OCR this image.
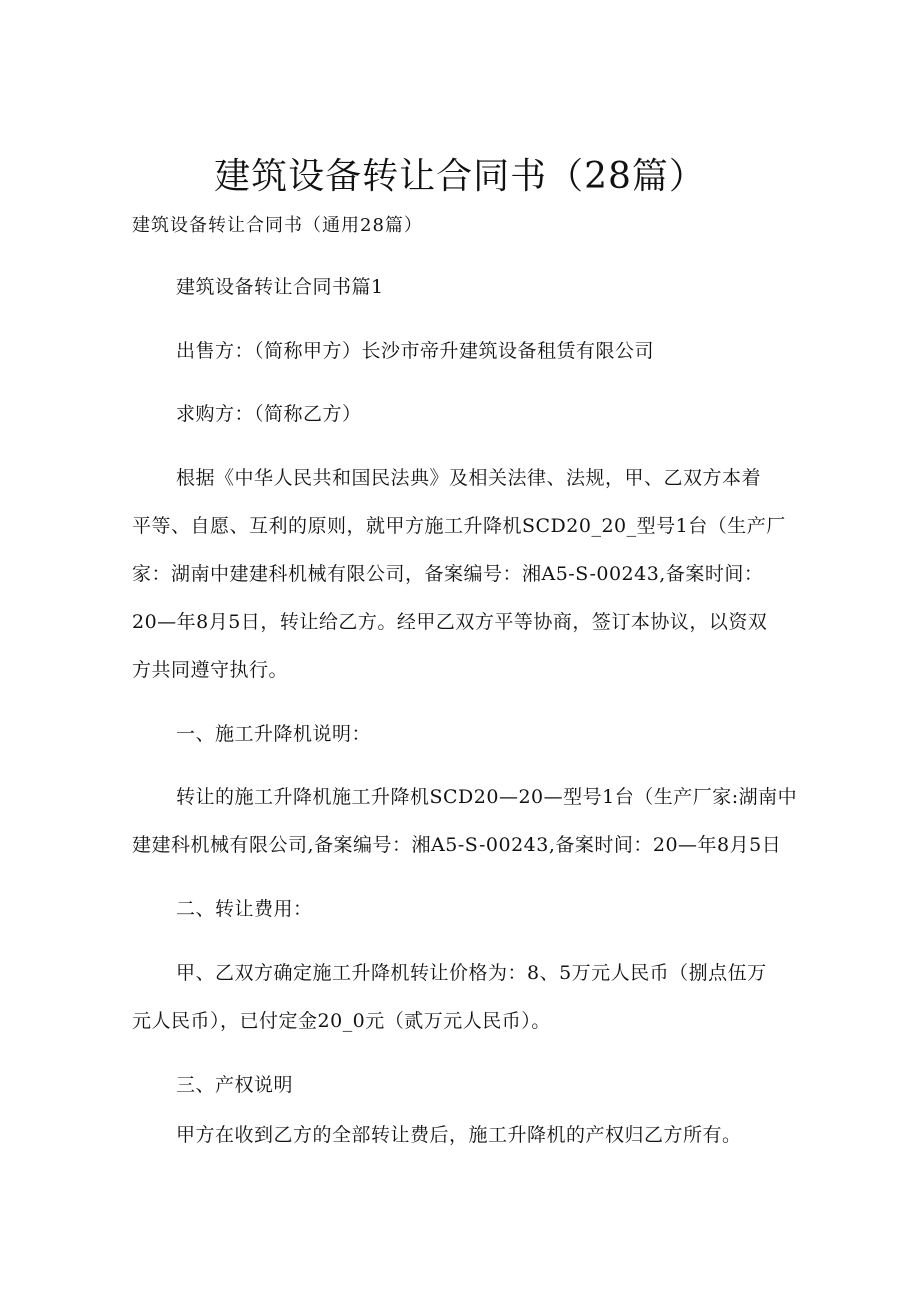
建筑设备转让合同书（28篇）
建筑设备转让合同书（通用28篇）
建筑设备转让合同书篇1
出售方：（简称甲方）长沙市帝升建筑设备租赁有限公司
求购方：（简称乙方）
根据《中华人民共和国民法典》及相关法律、法规，甲、乙双方本着
平等、自愿、互利的原则，就甲方施工升降机SCD20_20_型号1台（生产厂
家：湖南中建建科机械有限公司，备案编号：湘A5-S-00243,备案时间：
20—年8月5日，转让给乙方。经甲乙双方平等协商，签订本协议，以资双
方共同遵守执行。
一、施工升降机说明：
转让的施工升降机施工升降机SCD20—20—型号1台（生产厂家:湖南中
建建科机械有限公司,备案编号：湘A5-S-00243,备案时间：20—年8月5日
二、转让费用：
甲、乙双方确定施工升降机转让价格为：8、5万元人民币（捌点伍万
元人民币），已付定金20_0元（贰万元人民币）。
三、产权说明
甲方在收到乙方的全部转让费后，施工升降机的产权归乙方所有。
